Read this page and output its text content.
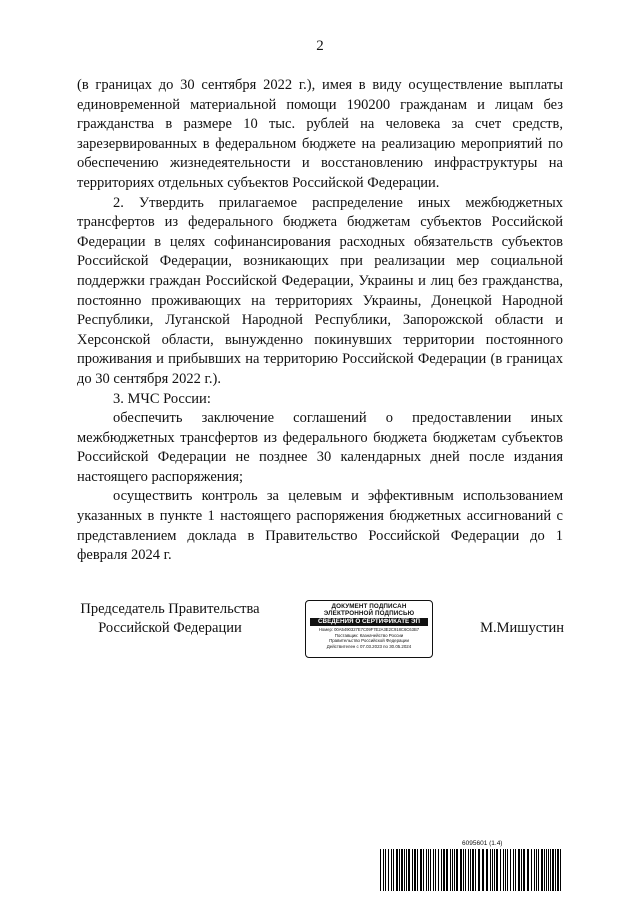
2

(в границах до 30 сентября 2022 г.), имея в виду осуществление выплаты единовременной материальной помощи 190200 гражданам и лицам без гражданства в размере 10 тыс. рублей на человека за счет средств, зарезервированных в федеральном бюджете на реализацию мероприятий по обеспечению жизнедеятельности и восстановлению инфраструктуры на территориях отдельных субъектов Российской Федерации.

2. Утвердить прилагаемое распределение иных межбюджетных трансфертов из федерального бюджета бюджетам субъектов Российской Федерации в целях софинансирования расходных обязательств субъектов Российской Федерации, возникающих при реализации мер социальной поддержки граждан Российской Федерации, Украины и лиц без гражданства, постоянно проживающих на территориях Украины, Донецкой Народной Республики, Луганской Народной Республики, Запорожской области и Херсонской области, вынужденно покинувших территории постоянного проживания и прибывших на территорию Российской Федерации (в границах до 30 сентября 2022 г.).

3. МЧС России:

обеспечить заключение соглашений о предоставлении иных межбюджетных трансфертов из федерального бюджета бюджетам субъектов Российской Федерации не позднее 30 календарных дней после издания настоящего распоряжения;

осуществить контроль за целевым и эффективным использованием указанных в пункте 1 настоящего распоряжения бюджетных ассигнований с представлением доклада в Правительство Российской Федерации до 1 февраля 2024 г.

Председатель Правительства
Российской Федерации
ДОКУМЕНТ ПОДПИСАН
ЭЛЕКТРОННОЙ ПОДПИСЬЮ
СВЕДЕНИЯ О СЕРТИФИКАТЕ ЭП
Номер: 00A5490327E7C09F7E2A3E2C918C6C63B7
Поставщик: Казначейство России
Правительство Российской Федерации
Действителен с 07.03.2023 по 30.05.2024
М.Мишустин
6095601 (1.4)
